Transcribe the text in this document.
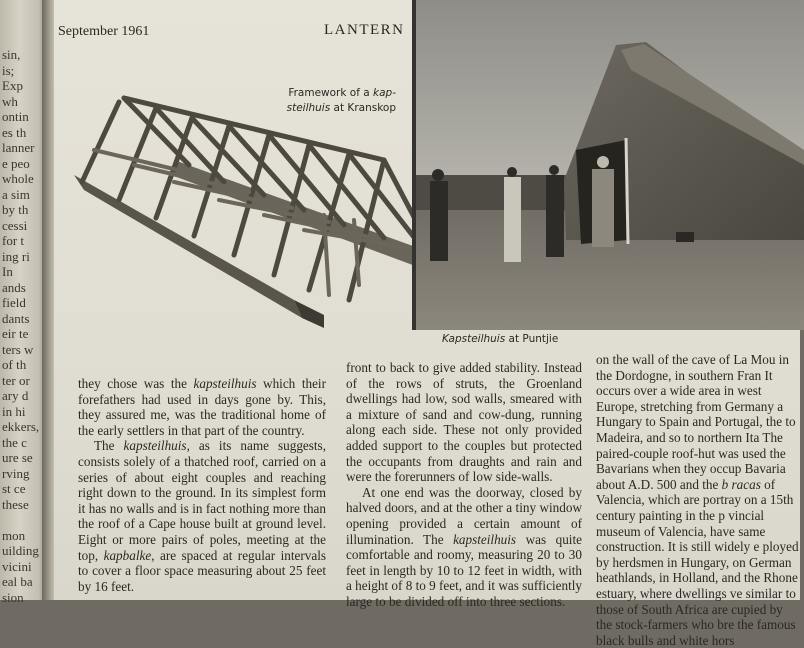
sin,
is;
Exp
wh
ontin
es th
lanner
e peo
whole
a sim
by th
cessi
for t
ing ri
In
ands
field
dants
eir te
ters w
of th
ter or
ary d
in hi
ekkers,
the c
ure se
rving
st ce
these
mon
uilding
vicini
eal ba
sion
September 1961	LANTERN
Framework of a kap-steilhuis at Kranskop
Kapsteilhuis at Puntjie

they chose was the kapsteilhuis which their forefathers had used in days gone by. This, they assured me, was the traditional home of the early settlers in that part of the country.

The kapsteilhuis, as its name suggests, consists solely of a thatched roof, carried on a series of about eight couples and reaching right down to the ground. In its simplest form it has no walls and is in fact nothing more than the roof of a Cape house built at ground level. Eight or more pairs of poles, meeting at the top, kapbalke, are spaced at regular intervals to cover a floor space measuring about 25 feet by 16 feet.

front to back to give added stability. Instead of the rows of struts, the Groenland dwellings had low, sod walls, smeared with a mixture of sand and cow-dung, running along each side. These not only provided added support to the couples but protected the occupants from draughts and rain and were the forerunners of low side-walls.

At one end was the doorway, closed by halved doors, and at the other a tiny window opening provided a certain amount of illumination. The kapsteilhuis was quite comfortable and roomy, measuring 20 to 30 feet in length by 10 to 12 feet in width, with a height of 8 to 9 feet, and it was sufficiently large to be divided off into three sections.

on the wall of the cave of La Mou in the Dordogne, in southern Fran It occurs over a wide area in west Europe, stretching from Germany a Hungary to Spain and Portugal, the to Madeira, and so to northern Ita The paired-couple roof-hut was used the Bavarians when they occup Bavaria about A.D. 500 and the b racas of Valencia, which are portray on a 15th century painting in the p vincial museum of Valencia, have same construction. It is still widely e ployed by herdsmen in Hungary, on German heathlands, in Holland, and the Rhone estuary, where dwellings ve similar to those of South Africa are cupied by the stock-farmers who bre the famous black bulls and white hors
